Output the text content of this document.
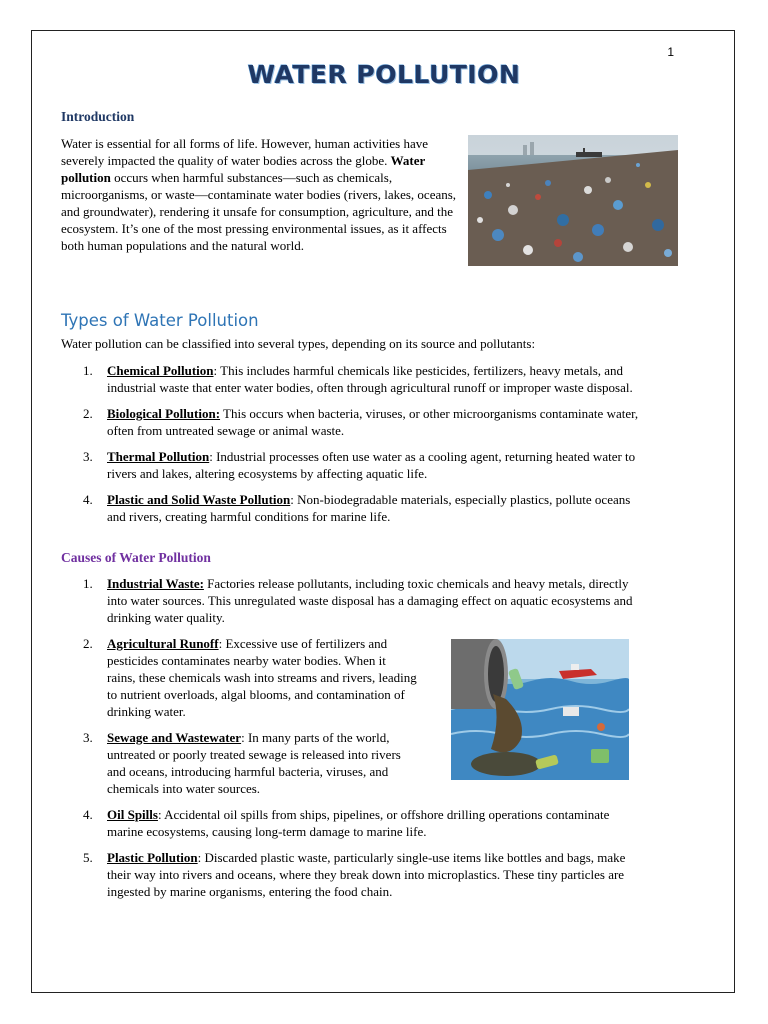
1
WATER POLLUTION
Introduction
Water is essential for all forms of life. However, human activities have severely impacted the quality of water bodies across the globe. Water pollution occurs when harmful substances—such as chemicals, microorganisms, or waste—contaminate water bodies (rivers, lakes, oceans, and groundwater), rendering it unsafe for consumption, agriculture, and the ecosystem. It’s one of the most pressing environmental issues, as it affects both human populations and the natural world.
Types of Water Pollution
Water pollution can be classified into several types, depending on its source and pollutants:
1. Chemical Pollution: This includes harmful chemicals like pesticides, fertilizers, heavy metals, and industrial waste that enter water bodies, often through agricultural runoff or improper waste disposal.
2. Biological Pollution: This occurs when bacteria, viruses, or other microorganisms contaminate water, often from untreated sewage or animal waste.
3. Thermal Pollution: Industrial processes often use water as a cooling agent, returning heated water to rivers and lakes, altering ecosystems by affecting aquatic life.
4. Plastic and Solid Waste Pollution: Non-biodegradable materials, especially plastics, pollute oceans and rivers, creating harmful conditions for marine life.
Causes of Water Pollution
1. Industrial Waste: Factories release pollutants, including toxic chemicals and heavy metals, directly into water sources. This unregulated waste disposal has a damaging effect on aquatic ecosystems and drinking water quality.
2. Agricultural Runoff: Excessive use of fertilizers and pesticides contaminates nearby water bodies. When it rains, these chemicals wash into streams and rivers, leading to nutrient overloads, algal blooms, and contamination of drinking water.
3. Sewage and Wastewater: In many parts of the world, untreated or poorly treated sewage is released into rivers and oceans, introducing harmful bacteria, viruses, and chemicals into water sources.
4. Oil Spills: Accidental oil spills from ships, pipelines, or offshore drilling operations contaminate marine ecosystems, causing long-term damage to marine life.
5. Plastic Pollution: Discarded plastic waste, particularly single-use items like bottles and bags, make their way into rivers and oceans, where they break down into microplastics. These tiny particles are ingested by marine organisms, entering the food chain.
